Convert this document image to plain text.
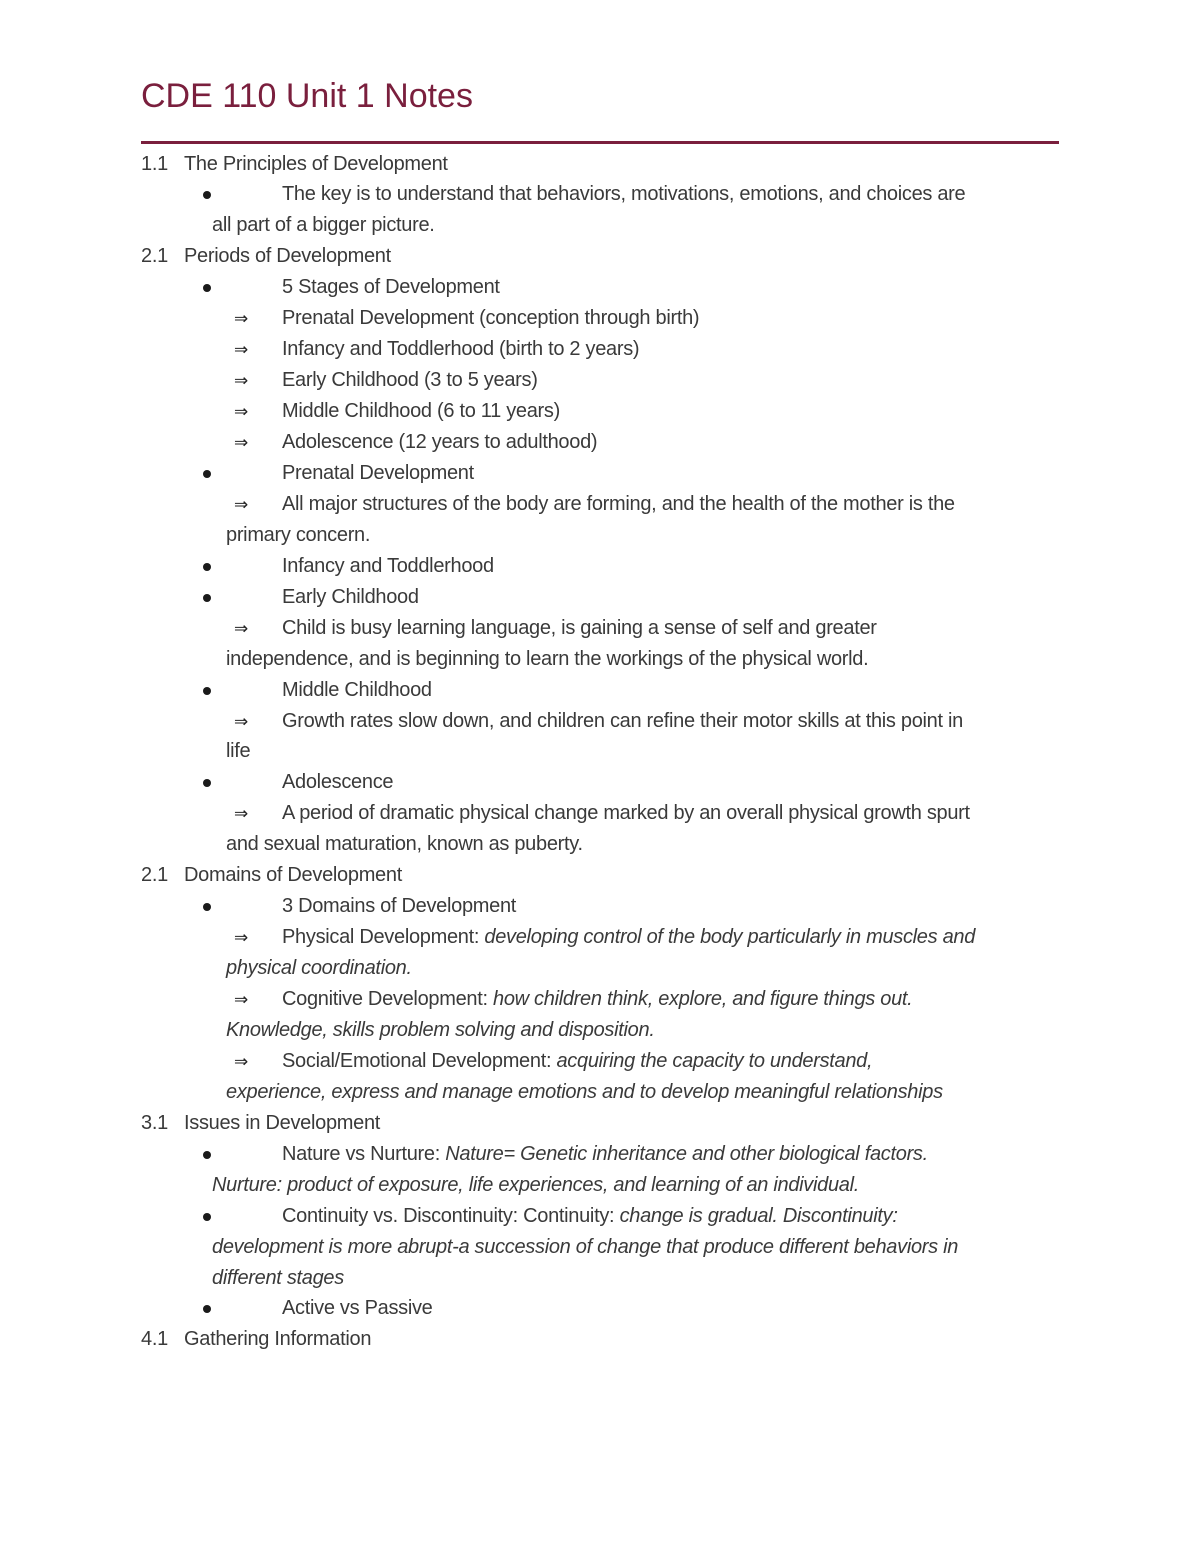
CDE 110 Unit 1 Notes
1.1 The Principles of Development
The key is to understand that behaviors, motivations, emotions, and choices are
all part of a bigger picture.
2.1 Periods of Development
5 Stages of Development
⇒ Prenatal Development (conception through birth)
⇒ Infancy and Toddlerhood (birth to 2 years)
⇒ Early Childhood (3 to 5 years)
⇒ Middle Childhood (6 to 11 years)
⇒ Adolescence (12 years to adulthood)
Prenatal Development
⇒ All major structures of the body are forming, and the health of the mother is the
primary concern.
Infancy and Toddlerhood
Early Childhood
⇒ Child is busy learning language, is gaining a sense of self and greater
independence, and is beginning to learn the workings of the physical world.
Middle Childhood
⇒ Growth rates slow down, and children can refine their motor skills at this point in
life
Adolescence
⇒ A period of dramatic physical change marked by an overall physical growth spurt
and sexual maturation, known as puberty.
2.1 Domains of Development
3 Domains of Development
⇒ Physical Development: developing control of the body particularly in muscles and
physical coordination.
⇒ Cognitive Development: how children think, explore, and figure things out.
Knowledge, skills problem solving and disposition.
⇒ Social/Emotional Development: acquiring the capacity to understand,
experience, express and manage emotions and to develop meaningful relationships
3.1 Issues in Development
Nature vs Nurture: Nature= Genetic inheritance and other biological factors.
Nurture: product of exposure, life experiences, and learning of an individual.
Continuity vs. Discontinuity: Continuity: change is gradual. Discontinuity:
development is more abrupt-a succession of change that produce different behaviors in
different stages
Active vs Passive
4.1 Gathering Information
